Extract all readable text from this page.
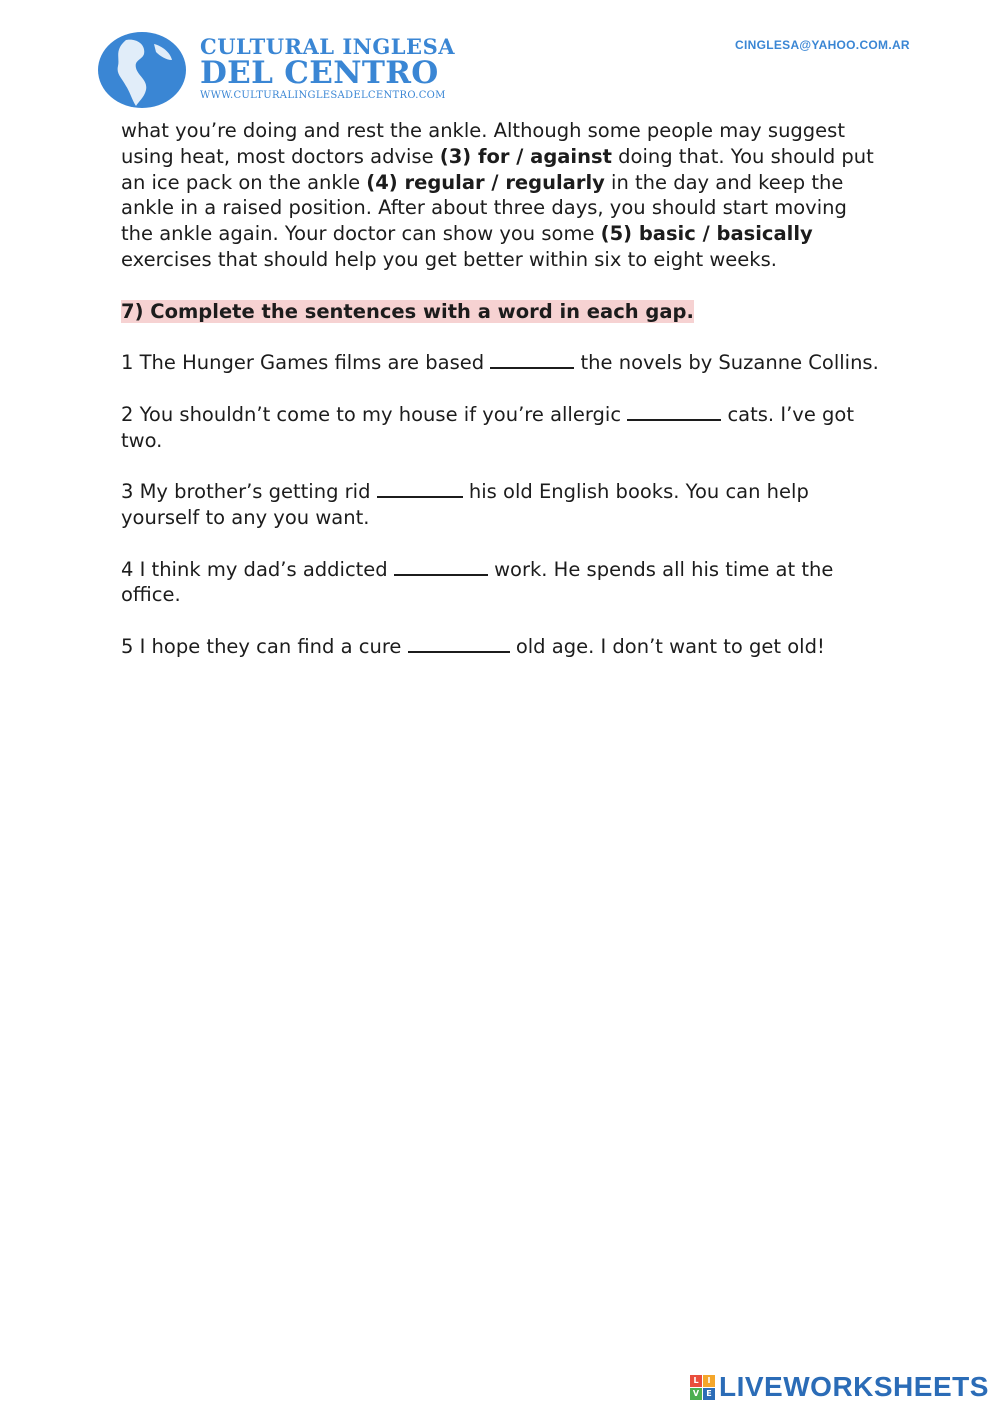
CULTURAL INGLESA
DEL CENTRO
WWW.CULTURALINGLESADELCENTRO.COM
CINGLESA@YAHOO.COM.AR

what you’re doing and rest the ankle. Although some people may suggest using heat, most doctors advise (3) for / against doing that. You should put an ice pack on the ankle (4) regular / regularly in the day and keep the ankle in a raised position. After about three days, you should start moving the ankle again. Your doctor can show you some (5) basic / basically exercises that should help you get better within six to eight weeks.

7) Complete the sentences with a word in each gap.

1 The Hunger Games films are based	the novels by Suzanne Collins.

2 You shouldn’t come to my house if you’re allergic	cats. I’ve got two.

3 My brother’s getting rid	his old English books. You can help yourself to any you want.

4 I think my dad’s addicted	work. He spends all his time at the office.

5 I hope they can find a cure	old age. I don’t want to get old!

L	I
V E LIVEWORKSHEETS
